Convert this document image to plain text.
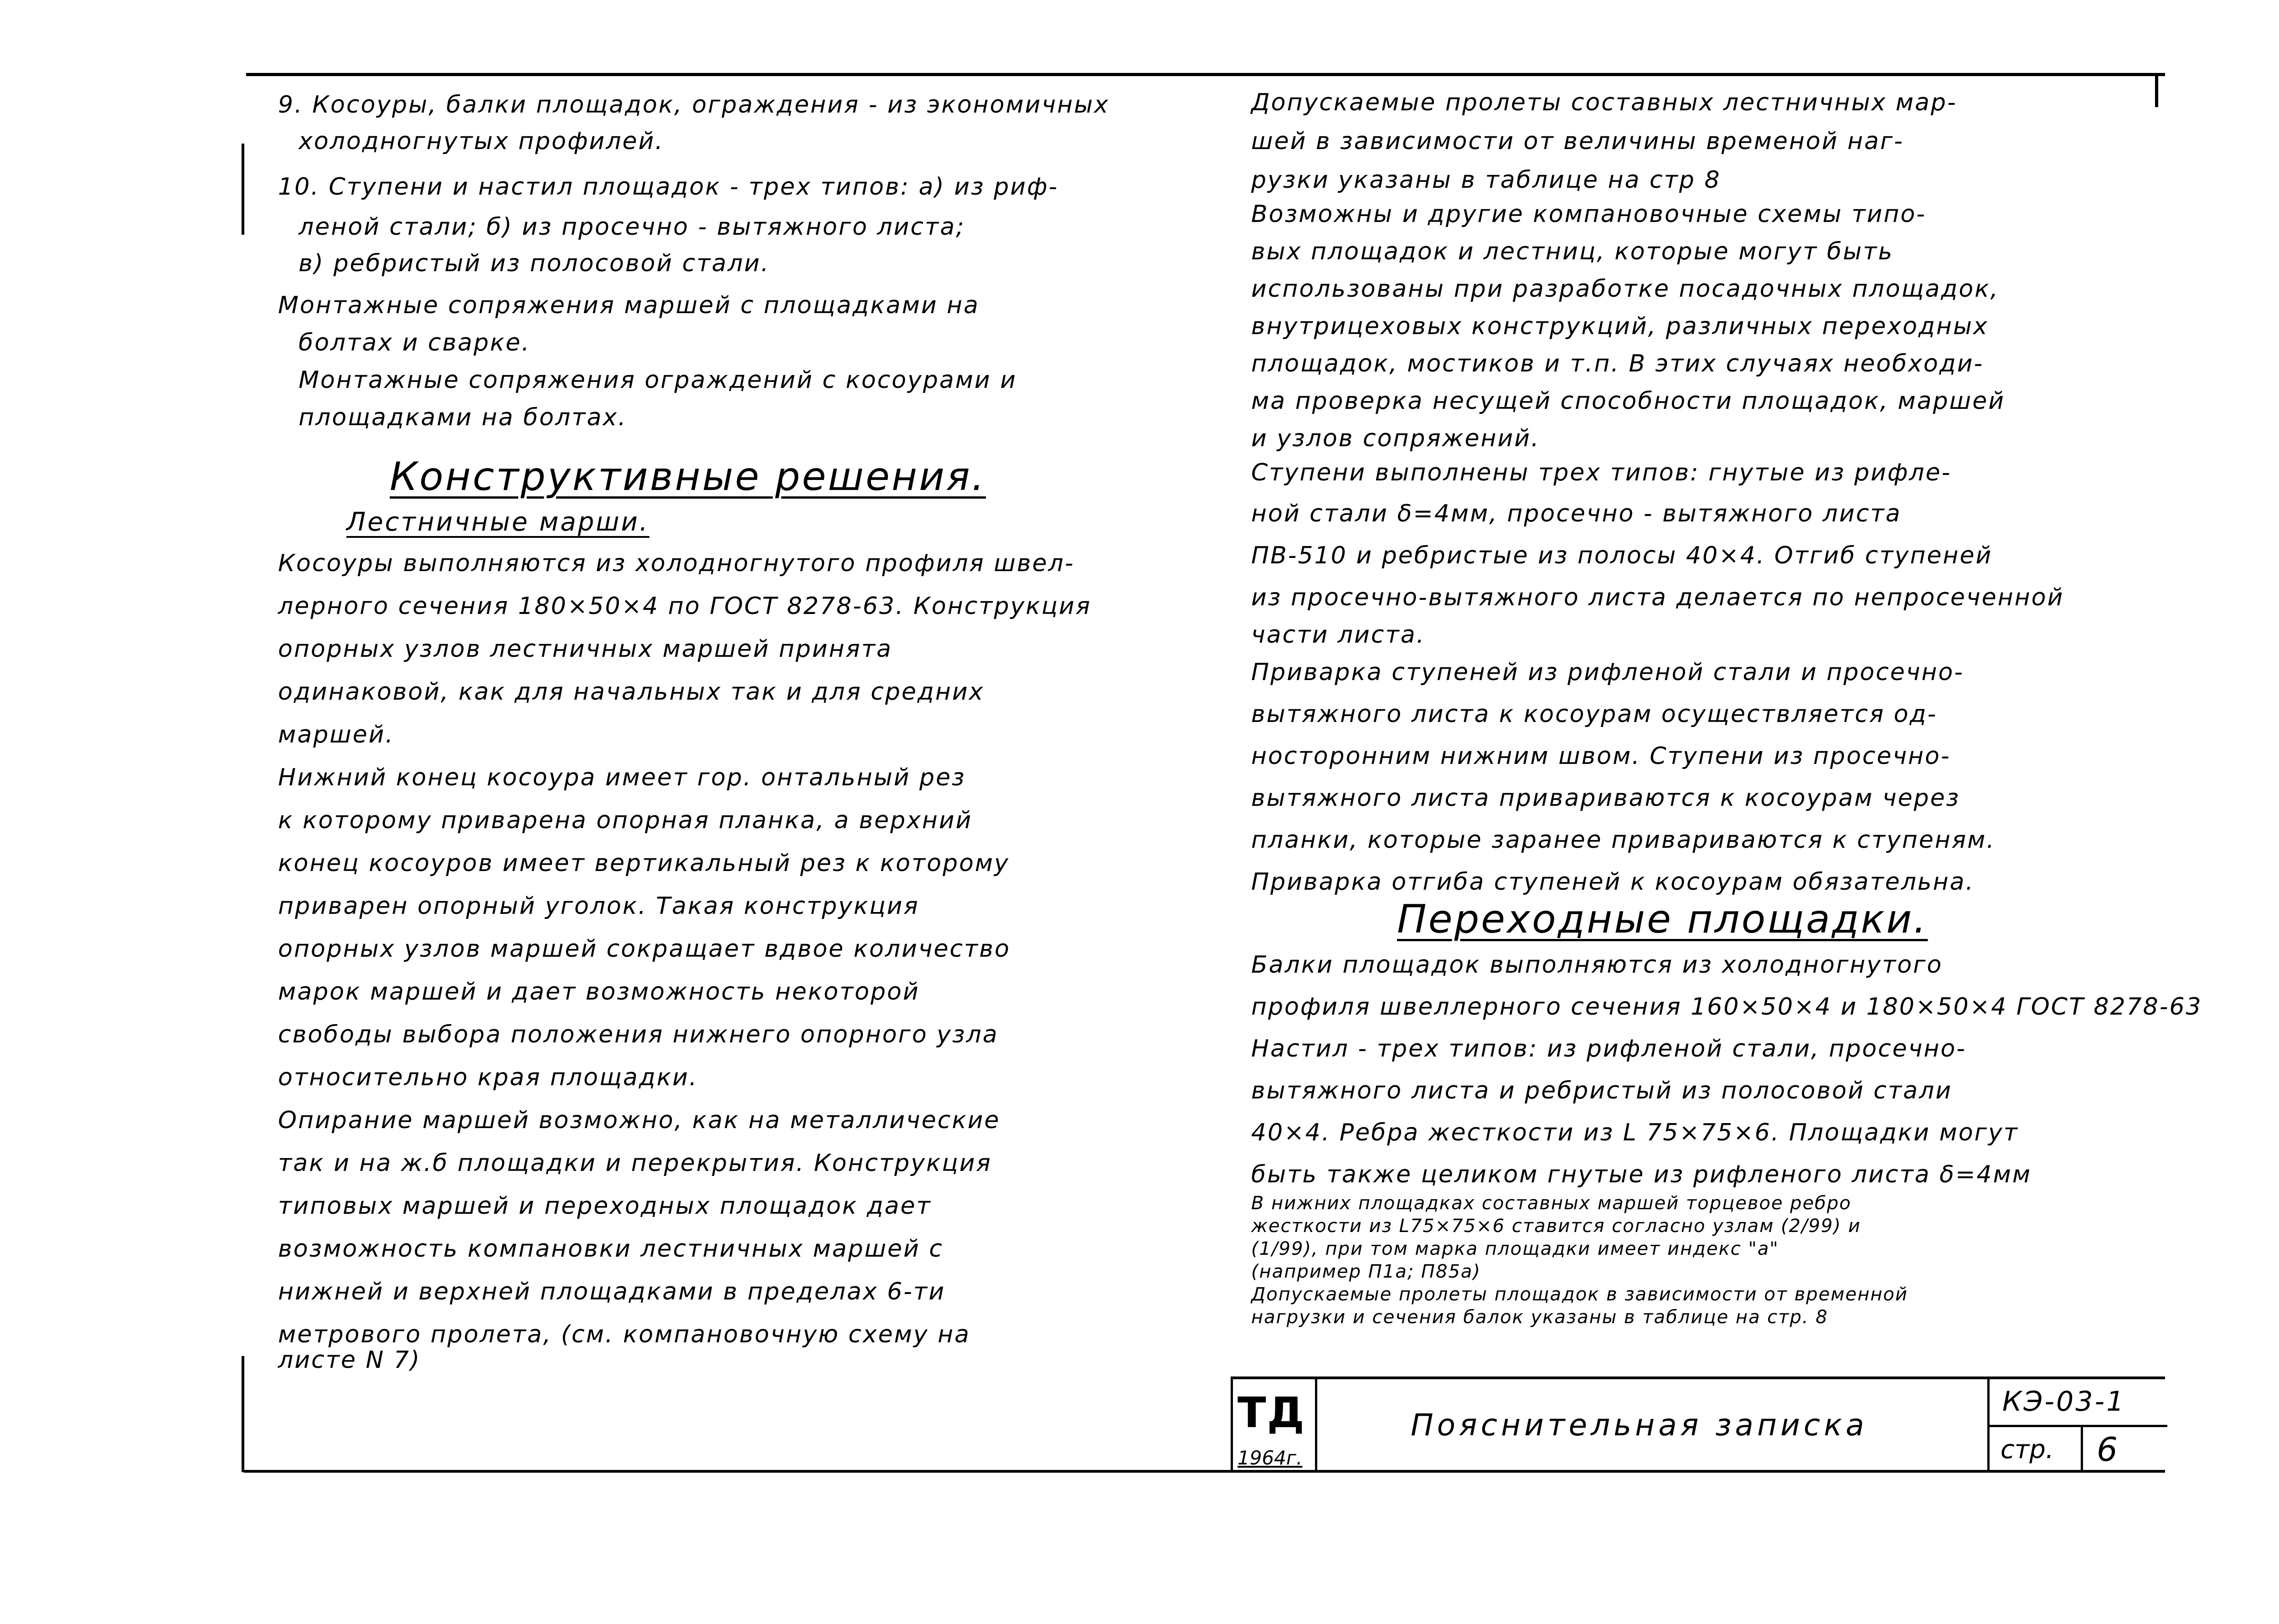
9. Косоуры, балки площадок, ограждения - из экономичных
холодногнутых профилей.
10. Ступени и настил площадок - трех типов: а) из риф-
леной стали; б) из просечно - вытяжного листа;
в) ребристый из полосовой стали.
Монтажные сопряжения маршей с площадками на
болтах и сварке.
Монтажные сопряжения ограждений с косоурами и
площадками на болтах.
Конструктивные решения.
Лестничные марши.
Косоуры выполняются из холодногнутого профиля швел-
лерного сечения 180×50×4 по ГОСТ 8278-63. Конструкция
опорных узлов лестничных маршей принята
одинаковой, как для начальных так и для средних
маршей.
Нижний конец косоура имеет гор. онтальный рез
к которому приварена опорная планка, а верхний
конец косоуров имеет вертикальный рез к которому
приварен опорный уголок. Такая конструкция
опорных узлов маршей сокращает вдвое количество
марок маршей и дает возможность некоторой
свободы выбора положения нижнего опорного узла
относительно края площадки.
Опирание маршей возможно, как на металлические
так и на ж.б площадки и перекрытия. Конструкция
типовых маршей и переходных площадок дает
возможность компановки лестничных маршей с
нижней и верхней площадками в пределах 6-ти
метрового пролета, (см. компановочную схему на
листе N 7)
Допускаемые пролеты составных лестничных мар-
шей в зависимости от величины временой наг-
рузки указаны в таблице на стр 8
Возможны и другие компановочные схемы типо-
вых площадок и лестниц, которые могут быть
использованы при разработке посадочных площадок,
внутрицеховых конструкций, различных переходных
площадок, мостиков и т.п. В этих случаях необходи-
ма проверка несущей способности площадок, маршей
и узлов сопряжений.
Ступени выполнены трех типов: гнутые из рифле-
ной стали δ=4мм, просечно - вытяжного листа
ПВ-510 и ребристые из полосы 40×4. Отгиб ступеней
из просечно-вытяжного листа делается по непросеченной
части листа.
Приварка ступеней из рифленой стали и просечно-
вытяжного листа к косоурам осуществляется од-
носторонним нижним швом. Ступени из просечно-
вытяжного листа привариваются к косоурам через
планки, которые заранее привариваются к ступеням.
Приварка отгиба ступеней к косоурам обязательна.
Переходные площадки.
Балки площадок выполняются из холодногнутого
профиля швеллерного сечения 160×50×4 и 180×50×4 ГОСТ 8278-63
Настил - трех типов: из рифленой стали, просечно-
вытяжного листа и ребристый из полосовой стали
40×4. Ребра жесткости из L 75×75×6. Площадки могут
быть также целиком гнутые из рифленого листа δ=4мм
В нижних площадках составных маршей торцевое ребро
жесткости из L75×75×6 ставится согласно узлам (2/99) и
(1/99), при том марка площадки имеет индекс "а"
(например П1а; П85а)
Допускаемые пролеты площадок в зависимости от временной
нагрузки и сечения балок указаны в таблице на стр. 8
ТД
1964г.
Пояснительная записка
КЭ-03-1
стр. 6
